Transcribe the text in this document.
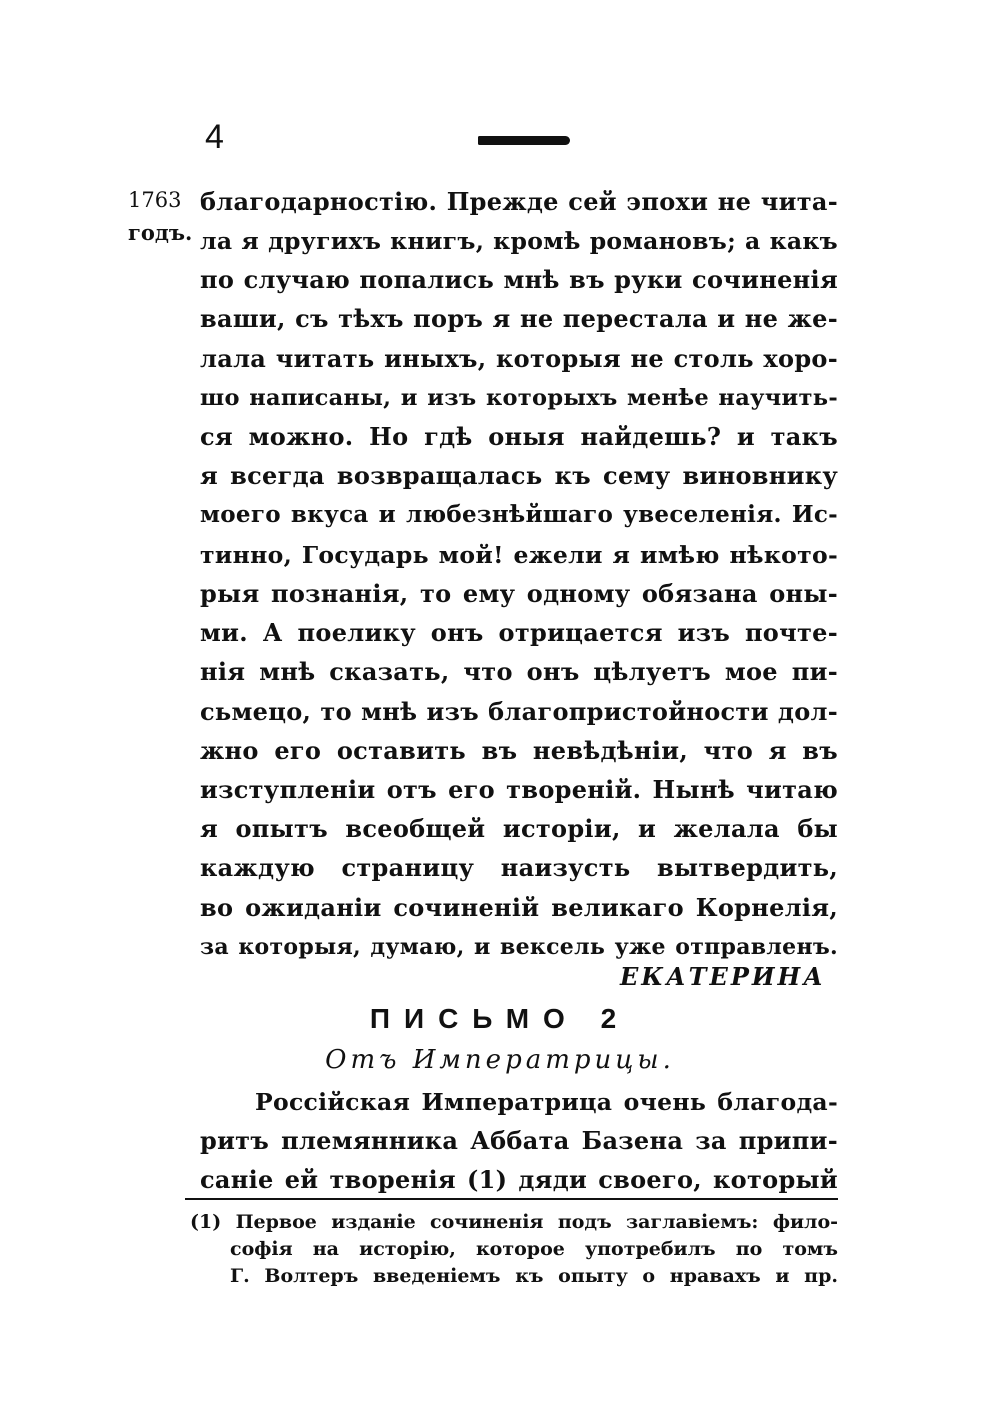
4
1763
годъ.
благодарностію. Прежде сей эпохи не чита-
ла я другихъ книгъ, кромѣ романовъ; а какъ
по случаю попались мнѣ въ руки сочиненія
ваши, съ тѣхъ поръ я не перестала и не же-
лала читать иныхъ, которыя не столь хоро-
шо написаны, и изъ которыхъ менѣе научить-
ся можно. Но гдѣ оныя найдешь? и такъ
я всегда возвращалась къ сему виновнику
моего вкуса и любезнѣйшаго увеселенія. Ис-
тинно, Государь мой! ежели я имѣю нѣкото-
рыя познанія, то ему одному обязана оны-
ми. А поелику онъ отрицается изъ почте-
нія мнѣ сказать, что онъ цѣлуетъ мое пи-
сьмецо, то мнѣ изъ благопристойности дол-
жно его оставить въ невѣдѣніи, что я въ
изступленіи отъ его твореній. Нынѣ читаю
я опытъ всеобщей исторіи, и желала бы
каждую страницу наизусть вытвердить,
во ожиданіи сочиненій великаго Корнелія,
за которыя, думаю, и вексель уже отправленъ.
ЕКАТЕРИНА
ПИСЬМО 2
Отъ Императрицы.
Россійская Императрица очень благода-
ритъ племянника Аббата Базена за припи-
саніе ей творенія (1) дяди своего, который
(1) Первое изданіе сочиненія подъ заглавіемъ: фило-
софія на исторію, которое употребилъ по томъ
Г. Волтеръ введеніемъ къ опыту о нравахъ и пр.
